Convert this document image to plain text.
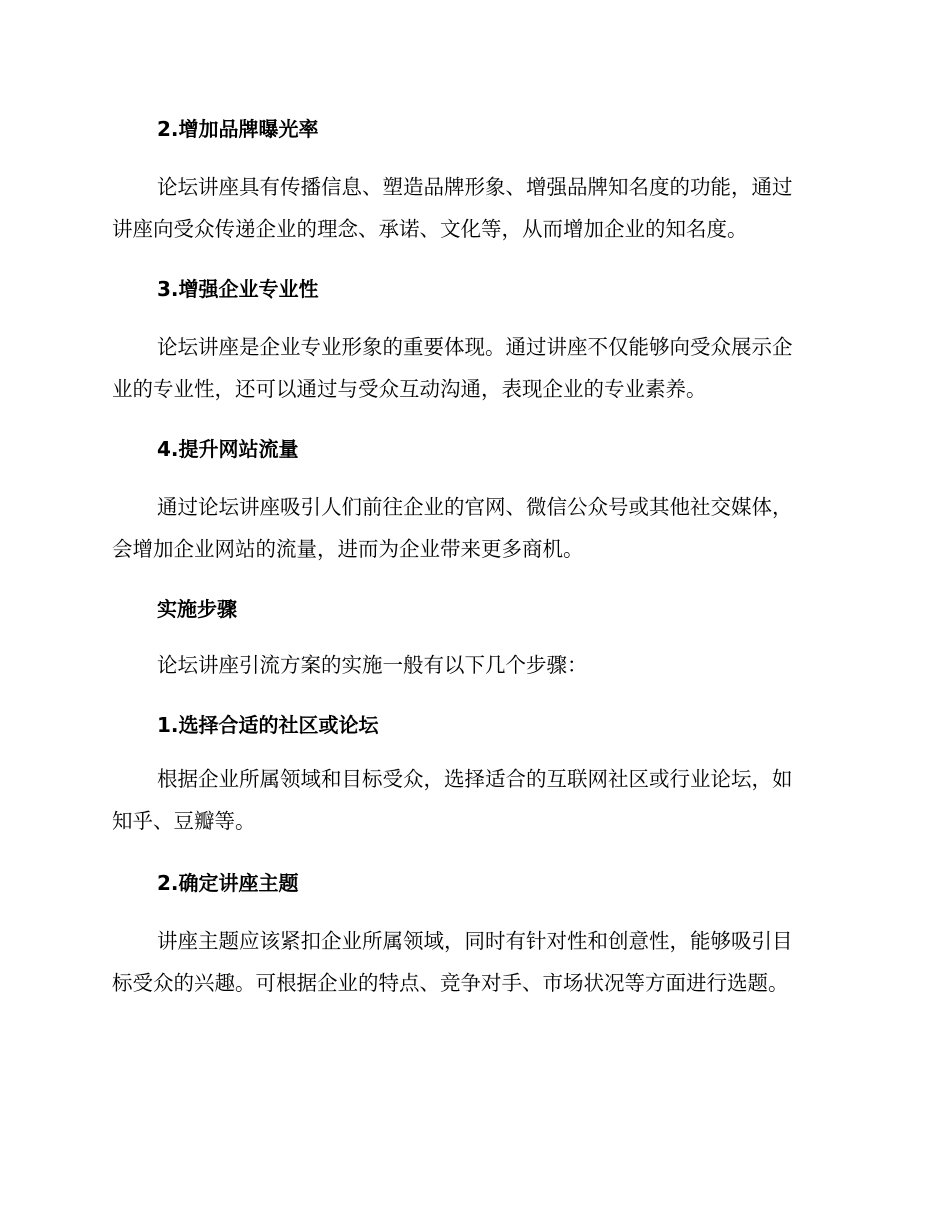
2.增加品牌曝光率
论坛讲座具有传播信息、塑造品牌形象、增强品牌知名度的功能，通过
讲座向受众传递企业的理念、承诺、文化等，从而增加企业的知名度。
3.增强企业专业性
论坛讲座是企业专业形象的重要体现。通过讲座不仅能够向受众展示企
业的专业性，还可以通过与受众互动沟通，表现企业的专业素养。
4.提升网站流量
通过论坛讲座吸引人们前往企业的官网、微信公众号或其他社交媒体，
会增加企业网站的流量，进而为企业带来更多商机。
实施步骤
论坛讲座引流方案的实施一般有以下几个步骤：
1.选择合适的社区或论坛
根据企业所属领域和目标受众，选择适合的互联网社区或行业论坛，如
知乎、豆瓣等。
2.确定讲座主题
讲座主题应该紧扣企业所属领域，同时有针对性和创意性，能够吸引目
标受众的兴趣。可根据企业的特点、竞争对手、市场状况等方面进行选题。
